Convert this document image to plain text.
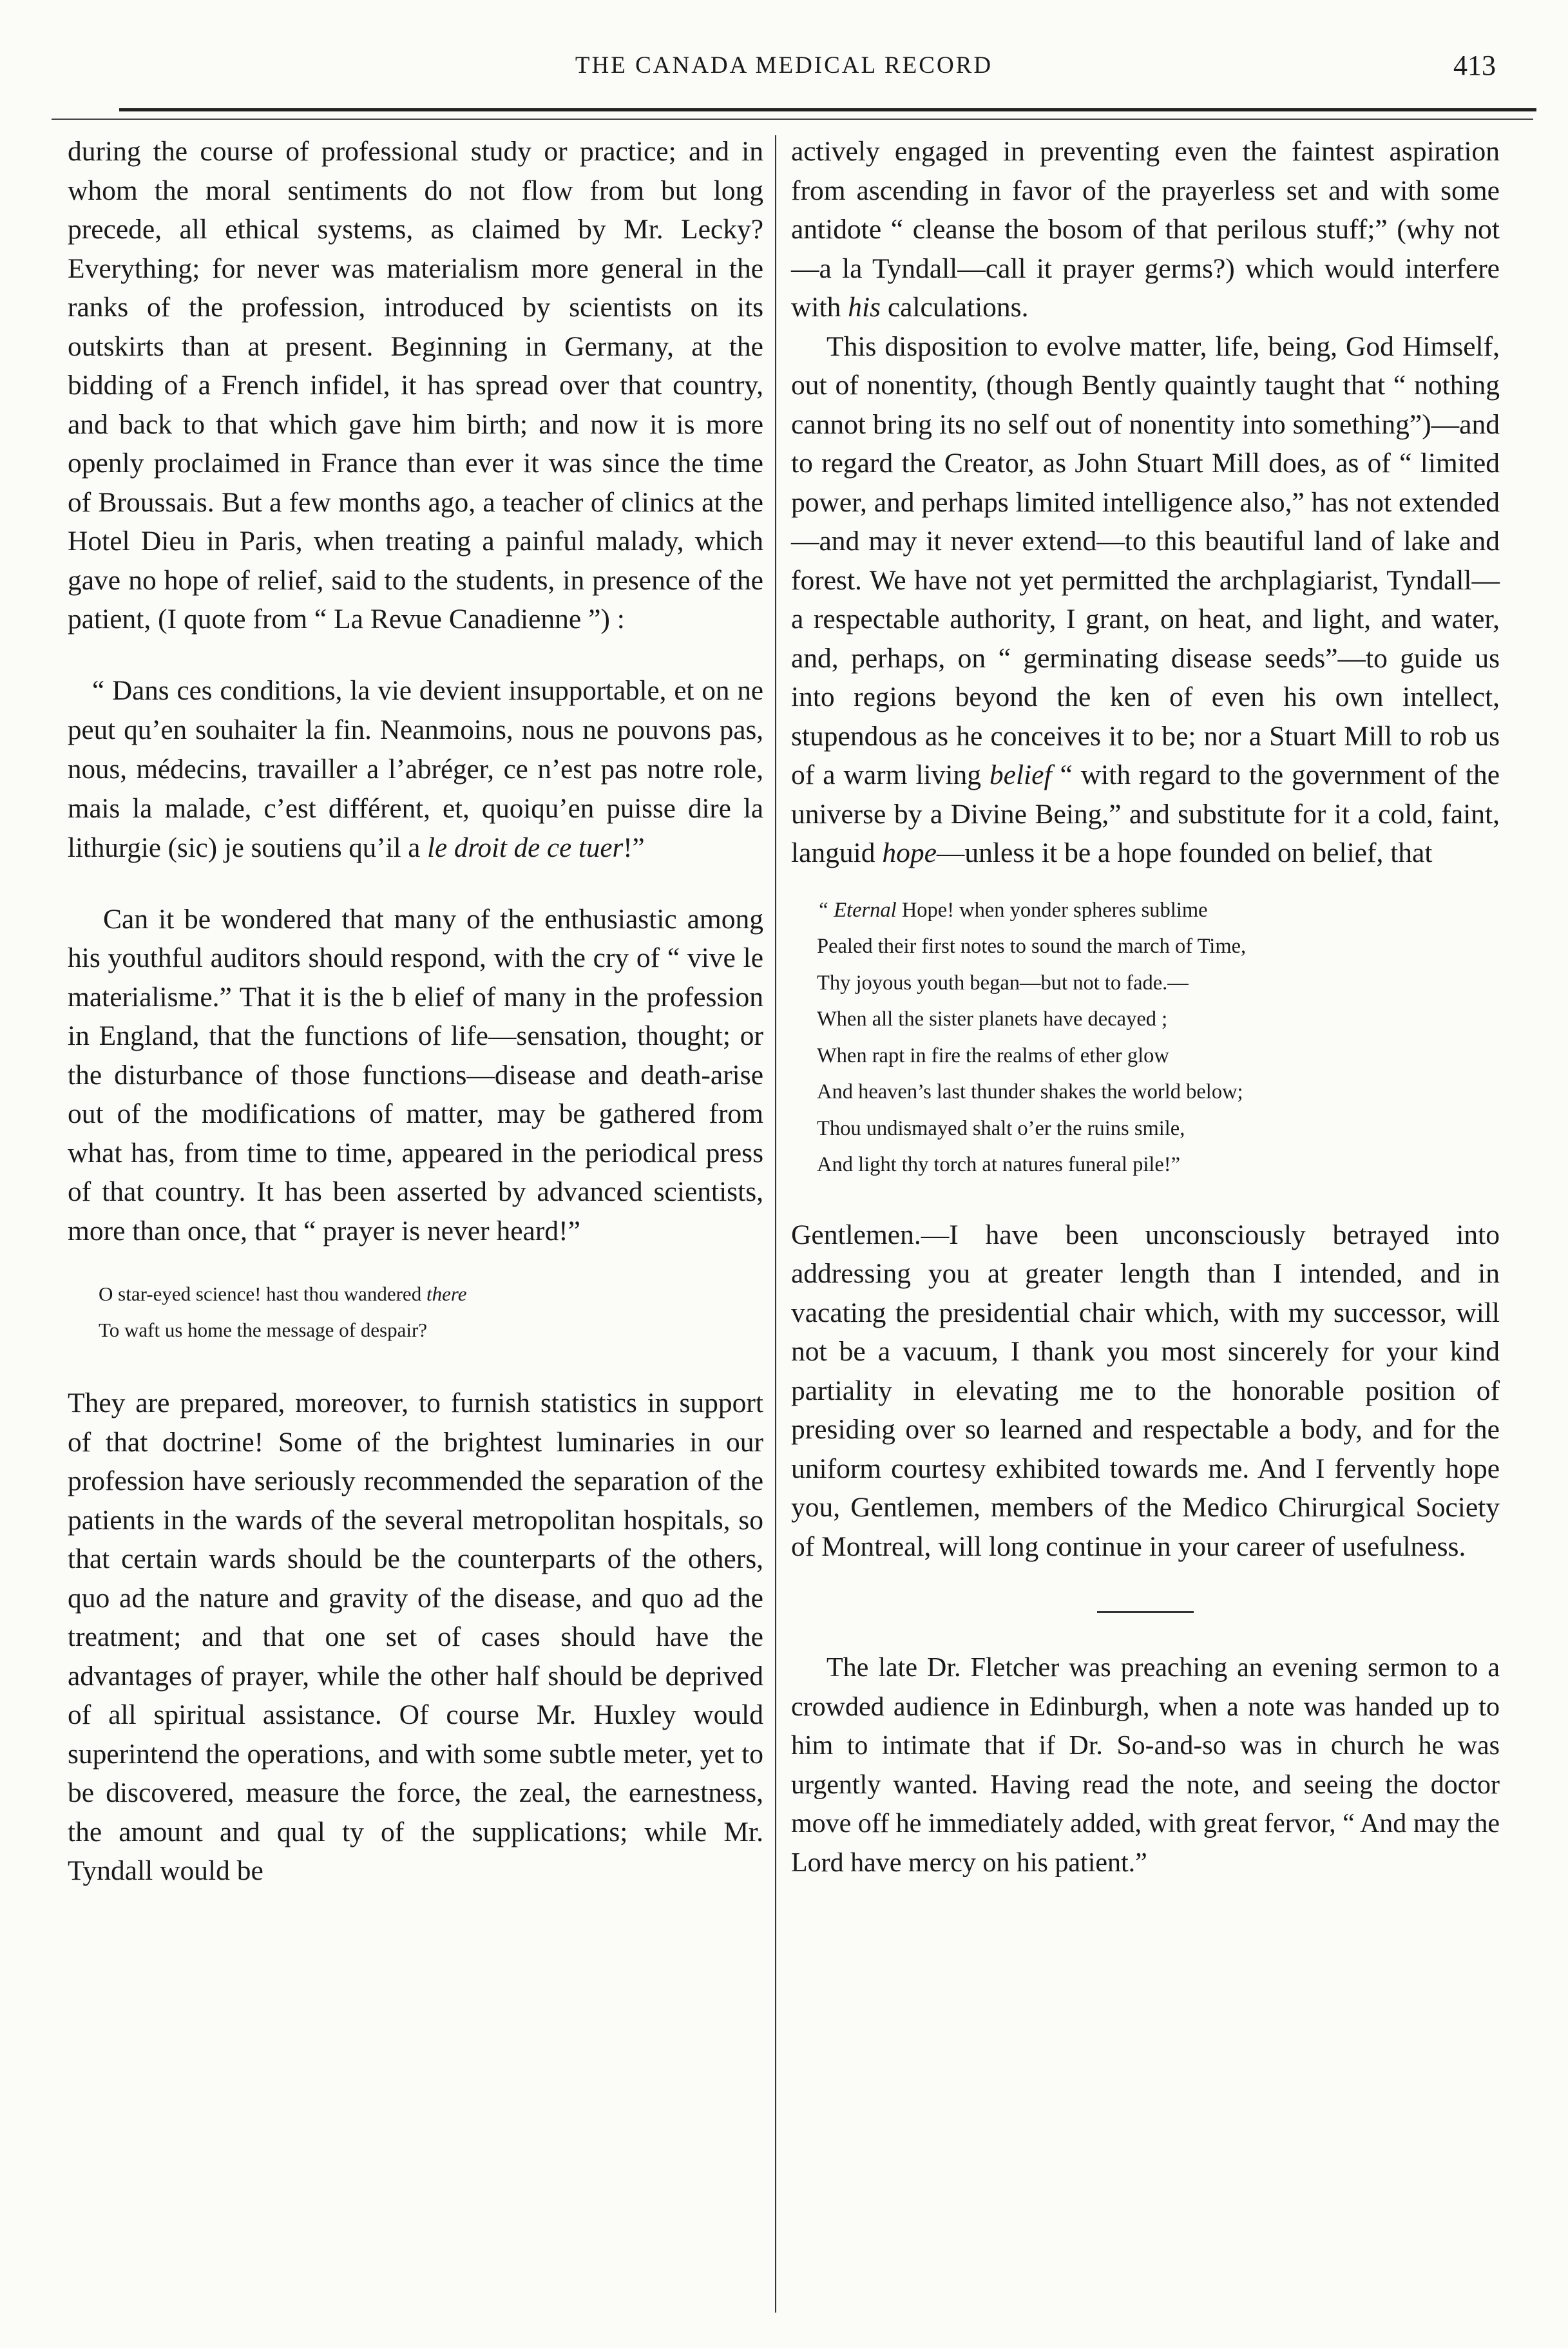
THE CANADA MEDICAL RECORD	413

during the course of professional study or practice; and in whom the moral sentiments do not flow from but long precede, all ethical systems, as claimed by Mr. Lecky? Everything; for never was materialism more general in the ranks of the profession, introduced by scientists on its outskirts than at present. Beginning in Germany, at the bidding of a French infidel, it has spread over that country, and back to that which gave him birth; and now it is more openly proclaimed in France than ever it was since the time of Broussais. But a few months ago, a teacher of clinics at the Hotel Dieu in Paris, when treating a painful malady, which gave no hope of relief, said to the students, in presence of the patient, (I quote from “ La Revue Canadienne ”) :

“ Dans ces conditions, la vie devient insupportable, et on ne peut qu’en souhaiter la fin. Neanmoins, nous ne pouvons pas, nous, médecins, travailler a l’abréger, ce n’est pas notre role, mais la malade, c’est différent, et, quoiqu’en puisse dire la lithurgie (sic) je soutiens qu’il a le droit de ce tuer!”

Can it be wondered that many of the enthusiastic among his youthful auditors should respond, with the cry of “ vive le materialisme.” That it is the b elief of many in the profession in England, that the functions of life—sensation, thought; or the disturbance of those functions—disease and death-arise out of the modifications of matter, may be gathered from what has, from time to time, appeared in the periodical press of that country. It has been asserted by advanced scientists, more than once, that “ prayer is never heard!”

O star-eyed science! hast thou wandered there
To waft us home the message of despair?

They are prepared, moreover, to furnish statistics in support of that doctrine! Some of the brightest luminaries in our profession have seriously recommended the separation of the patients in the wards of the several metropolitan hospitals, so that certain wards should be the counterparts of the others, quo ad the nature and gravity of the disease, and quo ad the treatment; and that one set of cases should have the advantages of prayer, while the other half should be deprived of all spiritual assistance. Of course Mr. Huxley would superintend the operations, and with some subtle meter, yet to be discovered, measure the force, the zeal, the earnestness, the amount and qual ty of the supplications; while Mr. Tyndall would be

actively engaged in preventing even the faintest aspiration from ascending in favor of the prayerless set and with some antidote “ cleanse the bosom of that perilous stuff;” (why not—a la Tyndall—call it prayer germs?) which would interfere with his calculations.

This disposition to evolve matter, life, being, God Himself, out of nonentity, (though Bently quaintly taught that “ nothing cannot bring its no self out of nonentity into something”)—and to regard the Creator, as John Stuart Mill does, as of “ limited power, and perhaps limited intelligence also,” has not extended—and may it never extend—to this beautiful land of lake and forest. We have not yet permitted the archplagiarist, Tyndall—a respectable authority, I grant, on heat, and light, and water, and, perhaps, on “ germinating disease seeds”—to guide us into regions beyond the ken of even his own intellect, stupendous as he conceives it to be; nor a Stuart Mill to rob us of a warm living belief “ with regard to the government of the universe by a Divine Being,” and substitute for it a cold, faint, languid hope—unless it be a hope founded on belief, that

“ Eternal Hope! when yonder spheres sublime
Pealed their first notes to sound the march of Time,
Thy joyous youth began—but not to fade.—
When all the sister planets have decayed ;
When rapt in fire the realms of ether glow
And heaven’s last thunder shakes the world below;
Thou undismayed shalt o’er the ruins smile,
And light thy torch at natures funeral pile!”

Gentlemen.—I have been unconsciously betrayed into addressing you at greater length than I intended, and in vacating the presidential chair which, with my successor, will not be a vacuum, I thank you most sincerely for your kind partiality in elevating me to the honorable position of presiding over so learned and respectable a body, and for the uniform courtesy exhibited towards me. And I fervently hope you, Gentlemen, members of the Medico Chirurgical Society of Montreal, will long continue in your career of usefulness.

The late Dr. Fletcher was preaching an evening sermon to a crowded audience in Edinburgh, when a note was handed up to him to intimate that if Dr. So-and-so was in church he was urgently wanted. Having read the note, and seeing the doctor move off he immediately added, with great fervor, “ And may the Lord have mercy on his patient.”
